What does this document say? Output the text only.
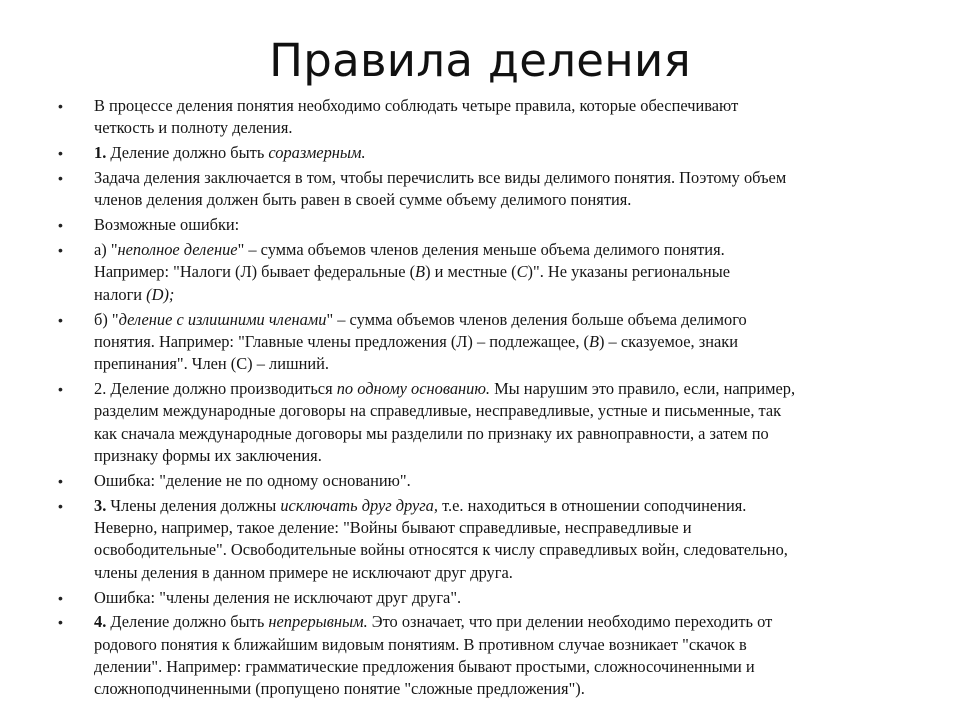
Правила деления
• В процессе деления понятия необходимо соблюдать четыре правила, которые обеспечивают
четкость и полноту деления.
• 1. Деление должно быть соразмерным.
• Задача деления заключается в том, чтобы перечислить все виды делимого понятия. Поэтому объем
членов деления должен быть равен в своей сумме объему делимого понятия.
• Возможные ошибки:
• а) "неполное деление" – сумма объемов членов деления меньше объема делимого понятия.
Например: "Налоги (Л) бывает федеральные (В) и местные (С)". Не указаны региональные
налоги (D);
• б) "деление с излишними членами" – сумма объемов членов деления больше объема делимого
понятия. Например: "Главные члены предложения (Л) – подлежащее, (В) – сказуемое, знаки
препинания". Член (С) – лишний.
• 2. Деление должно производиться по одному основанию. Мы нарушим это правило, если, например,
разделим международные договоры на справедливые, несправедливые, устные и письменные, так
как сначала международные договоры мы разделили по признаку их равноправности, а затем по
признаку формы их заключения.
• Ошибка: "деление не по одному основанию".
• 3. Члены деления должны исключать друг друга, т.е. находиться в отношении соподчинения.
Неверно, например, такое деление: "Войны бывают справедливые, несправедливые и
освободительные". Освободительные войны относятся к числу справедливых войн, следовательно,
члены деления в данном примере не исключают друг друга.
• Ошибка: "члены деления не исключают друг друга".
• 4. Деление должно быть непрерывным. Это означает, что при делении необходимо переходить от
родового понятия к ближайшим видовым понятиям. В противном случае возникает "скачок в
делении". Например: грамматические предложения бывают простыми, сложносочиненными и
сложноподчиненными (пропущено понятие "сложные предложения").
